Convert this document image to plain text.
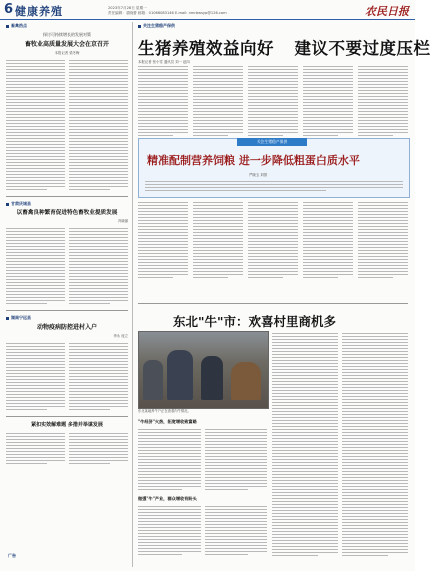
6 健康养殖	2023年7月28日 星期一
责任编辑：裴晓蕾 邮箱：01066083146 E-mail: nmrbwsyp@126.com	农民日报
畜禽热点
探讨可持续增长的发展对策
畜牧业高质量发展大会在京召开
本报记者 梁冬梅
甘肃庆城县
以畜禽良种繁育促进特色畜牧业提质发展
冯晓丽
湖南宁远县
动物疫病防控进村入户
李永 庞立
紧扣实效解难题 多措并举谋发展
广告
关注生猪稳产保供
生猪养殖效益向好 建议不要过度压栏
本报记者 张小雪 通讯员 刘一 赵四
关注生猪稳产保供
精准配制营养饲粮 进一步降低粗蛋白质水平
严晓玉 刘国
东北"牛"市：欢喜村里商机多
东北某地养牛户正在查看肉牛情况。
"牛经济"火热，拓宽增收致富路
做强"牛"产业，群众增收有盼头
